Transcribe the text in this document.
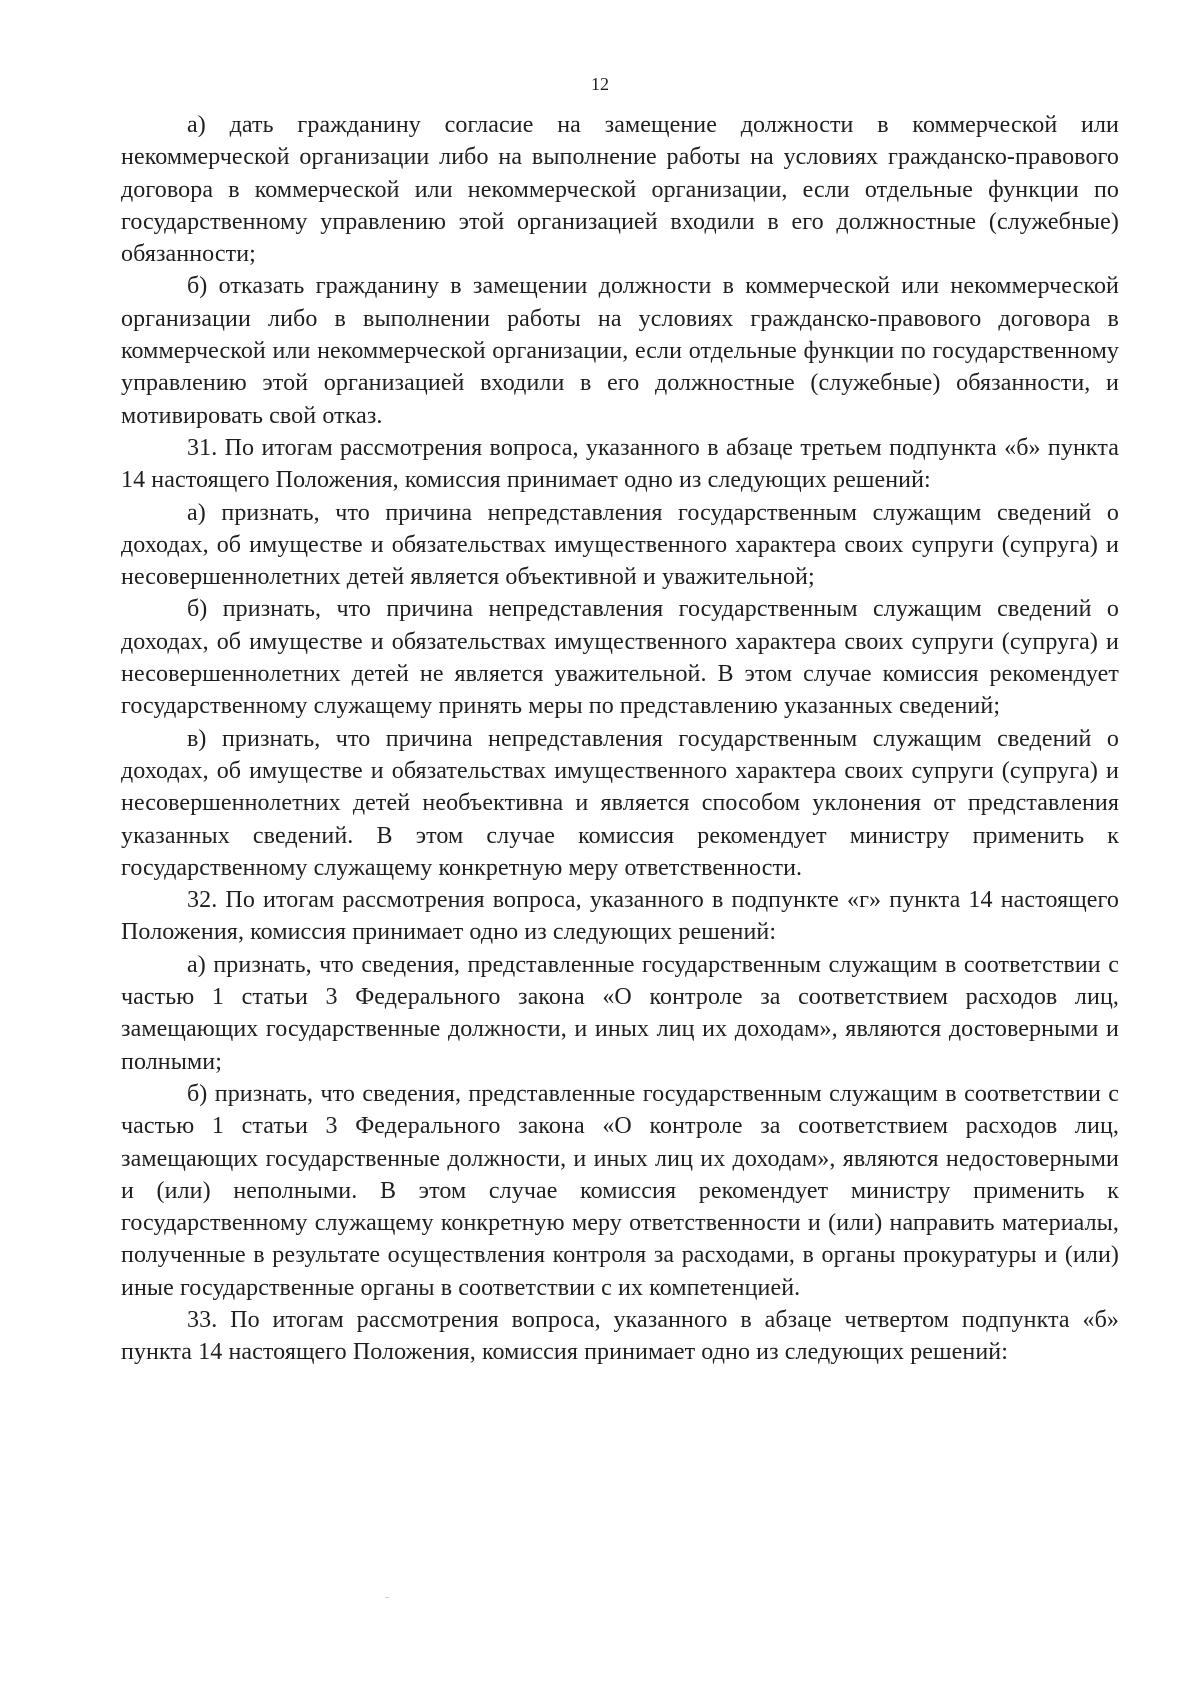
12

а) дать гражданину согласие на замещение должности в коммерческой или некоммерческой организации либо на выполнение работы на условиях гражданско-правового договора в коммерческой или некоммерческой организации, если отдельные функции по государственному управлению этой организацией входили в его должностные (служебные) обязанности;

б) отказать гражданину в замещении должности в коммерческой или некоммерческой организации либо в выполнении работы на условиях гражданско-правового договора в коммерческой или некоммерческой организации, если отдельные функции по государственному управлению этой организацией входили в его должностные (служебные) обязанности, и мотивировать свой отказ.

31. По итогам рассмотрения вопроса, указанного в абзаце третьем подпункта «б» пункта 14 настоящего Положения, комиссия принимает одно из следующих решений:

а) признать, что причина непредставления государственным служащим сведений о доходах, об имуществе и обязательствах имущественного характера своих супруги (супруга) и несовершеннолетних детей является объективной и уважительной;

б) признать, что причина непредставления государственным служащим сведений о доходах, об имуществе и обязательствах имущественного характера своих супруги (супруга) и несовершеннолетних детей не является уважительной. В этом случае комиссия рекомендует государственному служащему принять меры по представлению указанных сведений;

в) признать, что причина непредставления государственным служащим сведений о доходах, об имуществе и обязательствах имущественного характера своих супруги (супруга) и несовершеннолетних детей необъективна и является способом уклонения от представления указанных сведений. В этом случае комиссия рекомендует министру применить к государственному служащему конкретную меру ответственности.

32. По итогам рассмотрения вопроса, указанного в подпункте «г» пункта 14 настоящего Положения, комиссия принимает одно из следующих решений:

а) признать, что сведения, представленные государственным служащим в соответствии с частью 1 статьи 3 Федерального закона «О контроле за соответствием расходов лиц, замещающих государственные должности, и иных лиц их доходам», являются достоверными и полными;

б) признать, что сведения, представленные государственным служащим в соответствии с частью 1 статьи 3 Федерального закона «О контроле за соответствием расходов лиц, замещающих государственные должности, и иных лиц их доходам», являются недостоверными и (или) неполными. В этом случае комиссия рекомендует министру применить к государственному служащему конкретную меру ответственности и (или) направить материалы, полученные в результате осуществления контроля за расходами, в органы прокуратуры и (или) иные государственные органы в соответствии с их компетенцией.

33. По итогам рассмотрения вопроса, указанного в абзаце четвертом подпункта «б» пункта 14 настоящего Положения, комиссия принимает одно из следующих решений:
